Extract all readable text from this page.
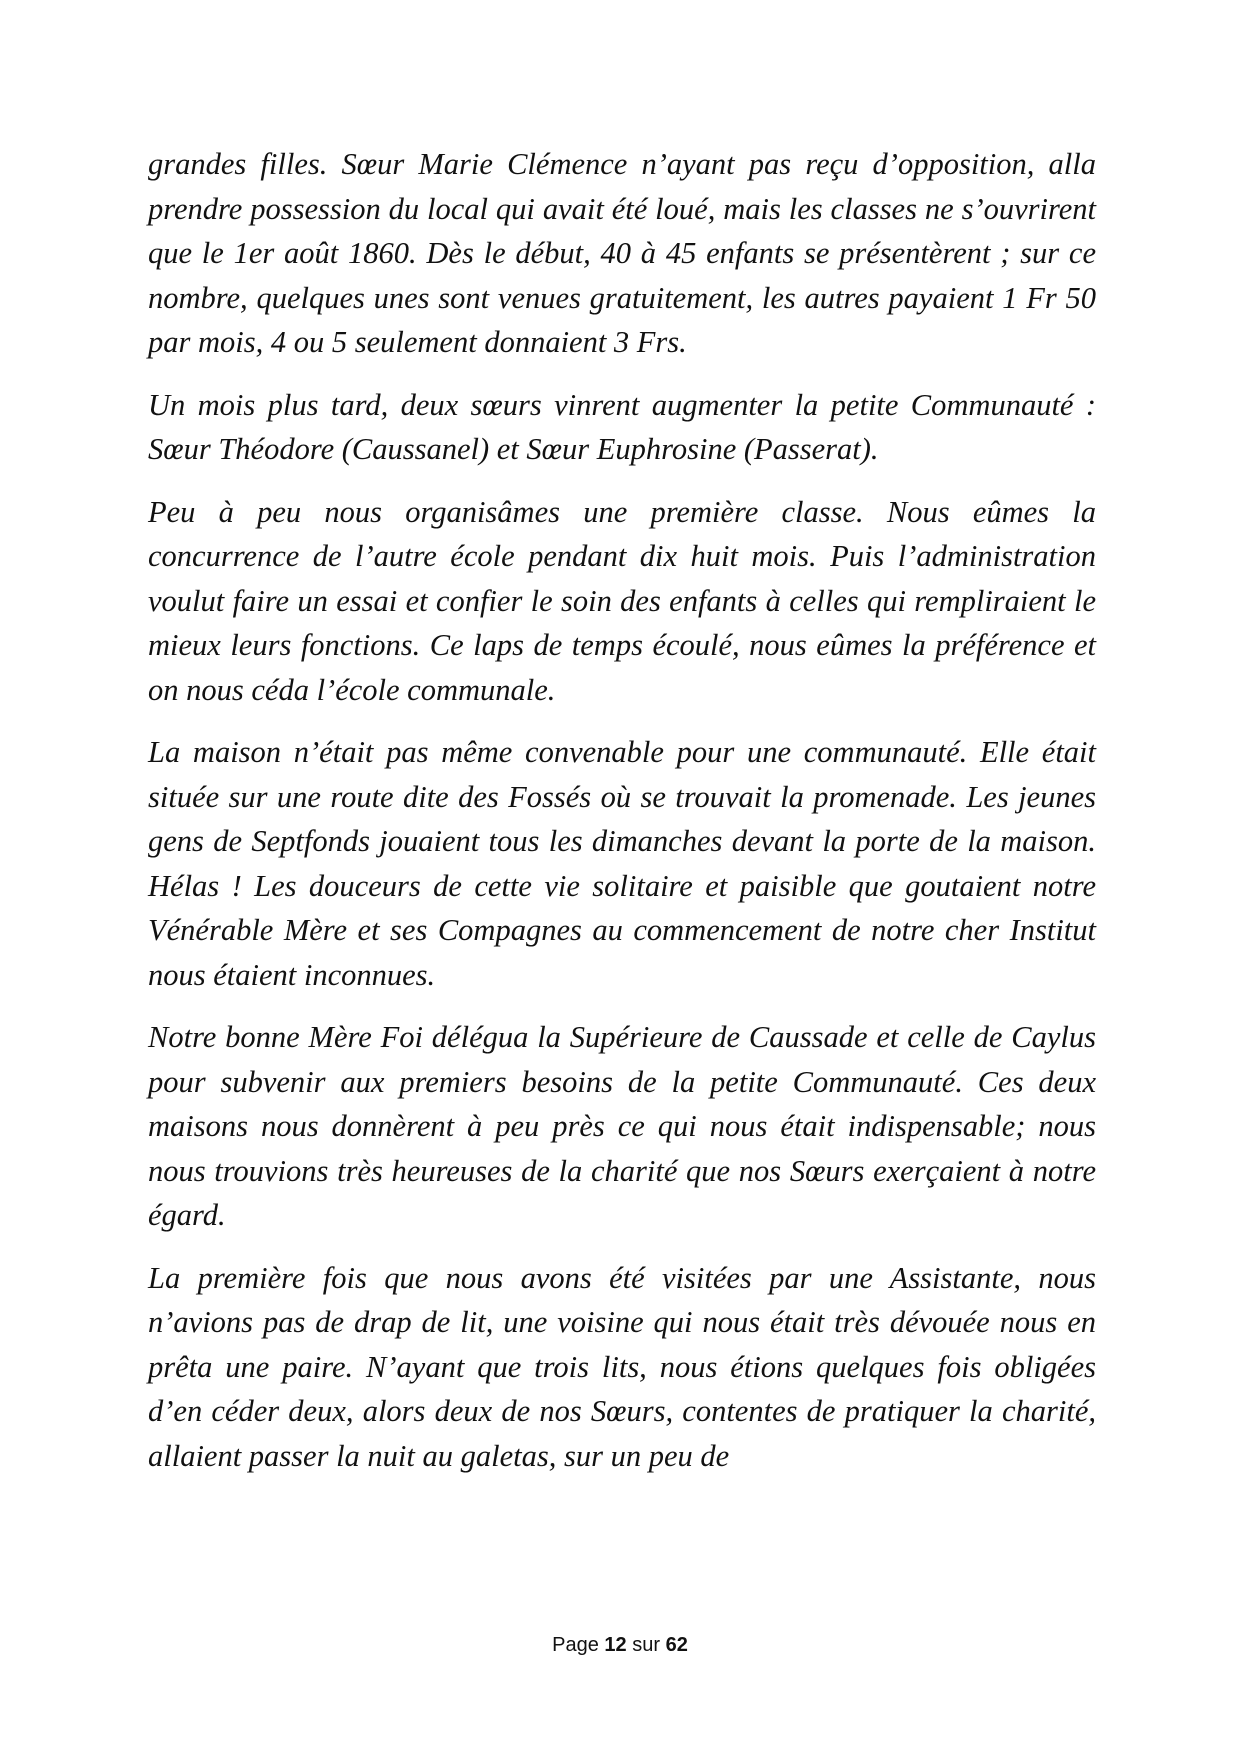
grandes filles. Sœur Marie Clémence n’ayant pas reçu d’opposition, alla prendre possession du local qui avait été loué, mais les classes ne s’ouvrirent que le 1er août 1860. Dès le début, 40 à 45 enfants se présentèrent ; sur ce nombre, quelques unes sont venues gratuitement, les autres payaient 1 Fr 50 par mois, 4 ou 5 seulement donnaient 3 Frs.

Un mois plus tard, deux sœurs vinrent augmenter la petite Communauté : Sœur Théodore (Caussanel) et Sœur Euphrosine (Passerat).

Peu à peu nous organisâmes une première classe. Nous eûmes la concurrence de l’autre école pendant dix huit mois. Puis l’administration voulut faire un essai et confier le soin des enfants à celles qui rempliraient le mieux leurs fonctions. Ce laps de temps écoulé, nous eûmes la préférence et on nous céda l’école communale.

La maison n’était pas même convenable pour une communauté. Elle était située sur une route dite des Fossés où se trouvait la promenade. Les jeunes gens de Septfonds jouaient tous les dimanches devant la porte de la maison. Hélas ! Les douceurs de cette vie solitaire et paisible que goutaient notre Vénérable Mère et ses Compagnes au commencement de notre cher Institut nous étaient inconnues.

Notre bonne Mère Foi délégua la Supérieure de Caussade et celle de Caylus pour subvenir aux premiers besoins de la petite Communauté. Ces deux maisons nous donnèrent à peu près ce qui nous était indispensable; nous nous trouvions très heureuses de la charité que nos Sœurs exerçaient à notre égard.

La première fois que nous avons été visitées par une Assistante, nous n’avions pas de drap de lit, une voisine qui nous était très dévouée nous en prêta une paire. N’ayant que trois lits, nous étions quelques fois obligées d’en céder deux, alors deux de nos Sœurs, contentes de pratiquer la charité, allaient passer la nuit au galetas, sur un peu de

Page 12 sur 62
